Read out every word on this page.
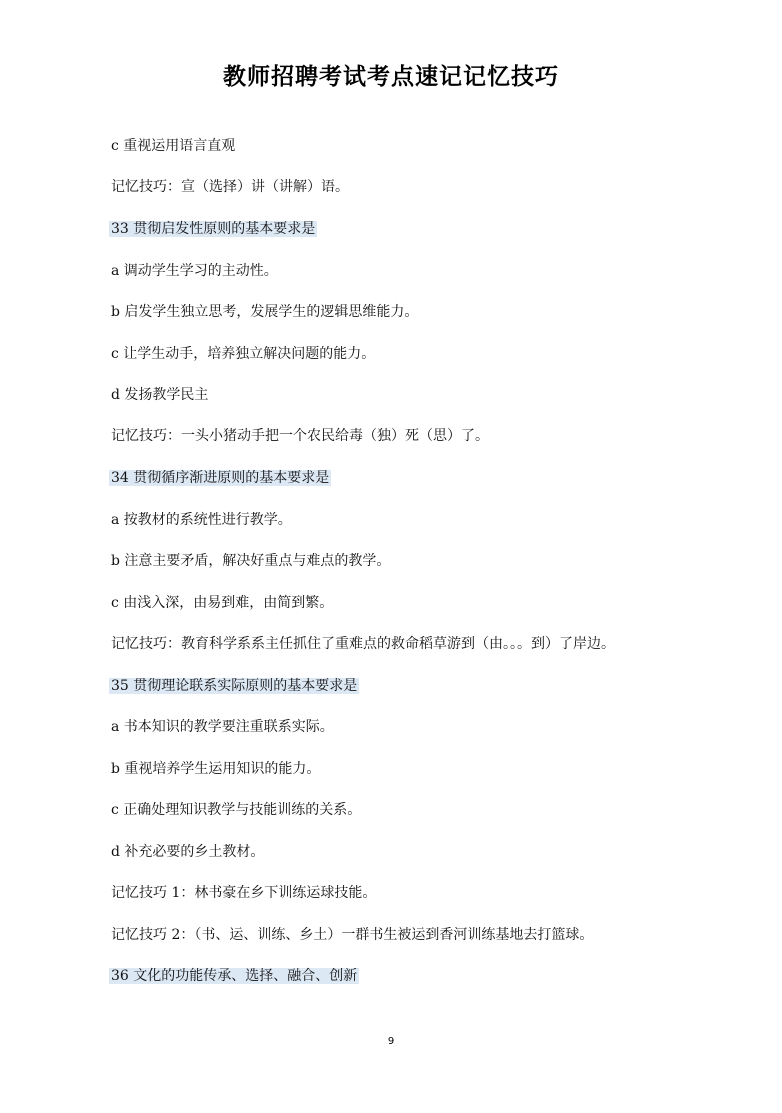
教师招聘考试考点速记记忆技巧
c 重视运用语言直观
记忆技巧：宣（选择）讲（讲解）语。
33 贯彻启发性原则的基本要求是
a 调动学生学习的主动性。
b 启发学生独立思考，发展学生的逻辑思维能力。
c 让学生动手，培养独立解决问题的能力。
d 发扬教学民主
记忆技巧：一头小猪动手把一个农民给毒（独）死（思）了。
34 贯彻循序渐进原则的基本要求是
a 按教材的系统性进行教学。
b 注意主要矛盾，解决好重点与难点的教学。
c 由浅入深，由易到难，由简到繁。
记忆技巧：教育科学系系主任抓住了重难点的救命稻草游到（由。。。到）了岸边。
35 贯彻理论联系实际原则的基本要求是
a 书本知识的教学要注重联系实际。
b 重视培养学生运用知识的能力。
c 正确处理知识教学与技能训练的关系。
d 补充必要的乡土教材。
记忆技巧 1：林书豪在乡下训练运球技能。
记忆技巧 2：（书、运、训练、乡土）一群书生被运到香河训练基地去打篮球。
36 文化的功能传承、选择、融合、创新
9
